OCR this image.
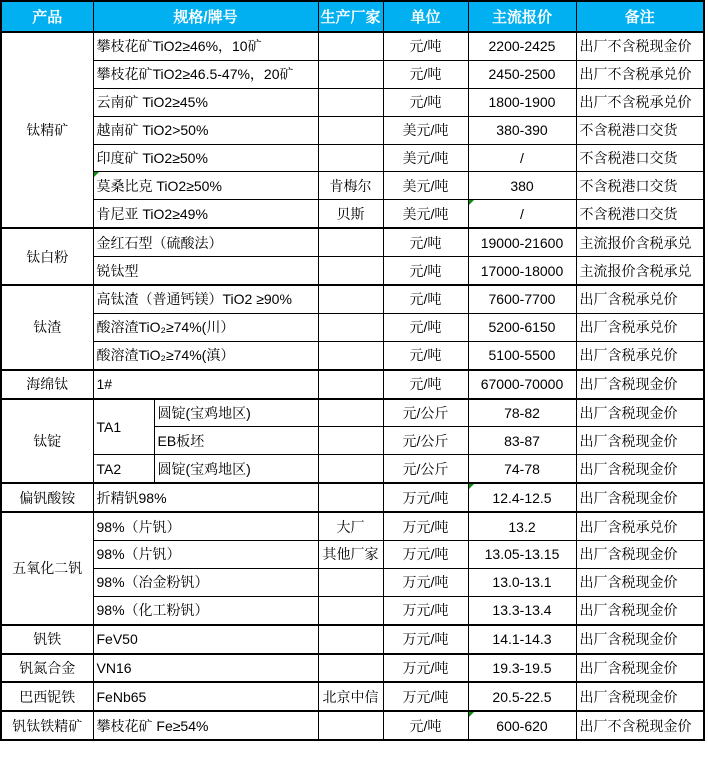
产品	规格/牌号		生产厂家	单位	主流报价	备注
钛精矿	攀枝花矿TiO2≥46%，10矿			元/吨	2200-2425	出厂不含税现金价
	攀枝花矿TiO2≥46.5-47%，20矿			元/吨	2450-2500	出厂不含税承兑价
	云南矿 TiO2≥45%			元/吨	1800-1900	出厂不含税承兑价
	越南矿 TiO2>50%			美元/吨	380-390	不含税港口交货
	印度矿 TiO2≥50%			美元/吨	/	不含税港口交货
	莫桑比克 TiO2≥50%		肯梅尔	美元/吨	380	不含税港口交货
	肯尼亚 TiO2≥49%		贝斯	美元/吨	/	不含税港口交货
钛白粉	金红石型（硫酸法）			元/吨	19000-21600	主流报价含税承兑
	锐钛型			元/吨	17000-18000	主流报价含税承兑
钛渣	高钛渣（普通钙镁）TiO2 ≥90%			元/吨	7600-7700	出厂含税承兑价
	酸溶渣TiO₂≥74%(川）			元/吨	5200-6150	出厂含税承兑价
	酸溶渣TiO₂≥74%(滇）			元/吨	5100-5500	出厂含税承兑价
海绵钛	1#			元/吨	67000-70000	出厂含税现金价
钛锭	TA1	圆锭(宝鸡地区)		元/公斤	78-82	出厂含税现金价
		EB板坯		元/公斤	83-87	出厂含税现金价
	TA2	圆锭(宝鸡地区)		元/公斤	74-78	出厂含税现金价
偏钒酸铵	折精钒98%			万元/吨	12.4-12.5	出厂含税现金价
五氧化二钒	98%（片钒）		大厂	万元/吨	13.2	出厂含税承兑价
	98%（片钒）		其他厂家	万元/吨	13.05-13.15	出厂含税现金价
	98%（冶金粉钒）			万元/吨	13.0-13.1	出厂含税现金价
	98%（化工粉钒）			万元/吨	13.3-13.4	出厂含税现金价
钒铁	FeV50			万元/吨	14.1-14.3	出厂含税现金价
钒氮合金	VN16			万元/吨	19.3-19.5	出厂含税现金价
巴西铌铁	FeNb65		北京中信	万元/吨	20.5-22.5	出厂含税现金价
钒钛铁精矿	攀枝花矿 Fe≥54%			元/吨	600-620	出厂不含税现金价
